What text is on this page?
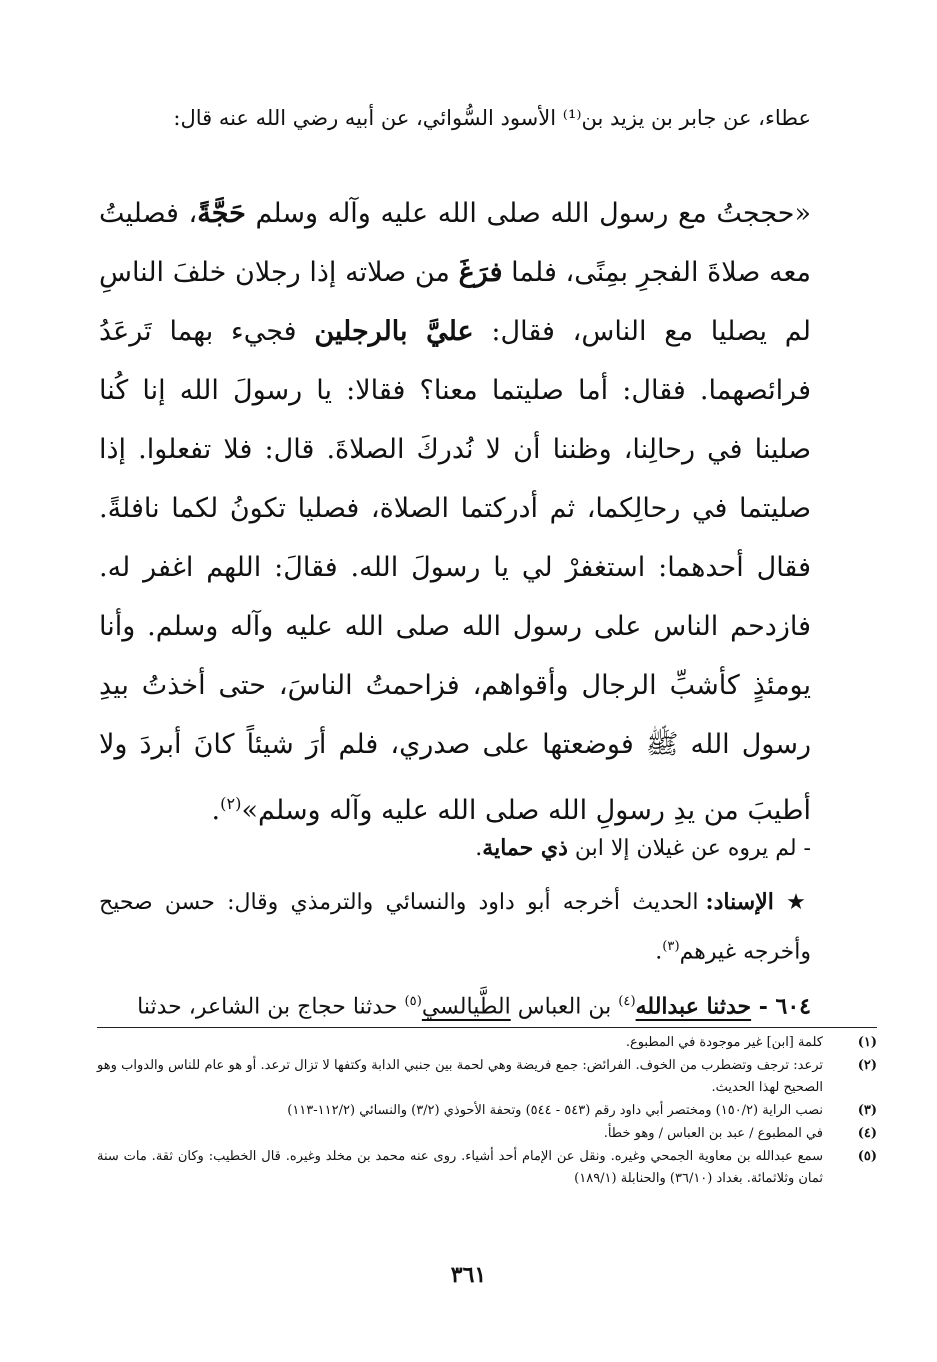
عطاء، عن جابر بن يزيد بن⁽¹⁾ الأسود السُّوائي، عن أبيه رضي الله عنه قال:

«حججتُ مع رسول الله صلى الله عليه وآله وسلم حَجَّةً، فصليتُ معه صلاةَ الفجرِ بمِنًى، فلما فرَغَ من صلاته إذا رجلان خلفَ الناسِ لم يصليا مع الناس، فقال: عليَّ بالرجلين فجيء بهما تَرعَدُ فرائصهما. فقال: أما صليتما معنا؟ فقالا: يا رسولَ الله إنا كُنا صلينا في رحالِنا، وظننا أن لا نُدركَ الصلاةَ. قال: فلا تفعلوا. إذا صليتما في رحالِكما، ثم أدركتما الصلاة، فصليا تكونُ لكما نافلةً. فقال أحدهما: استغفرْ لي يا رسولَ الله. فقالَ: اللهم اغفر له. فازدحم الناس على رسول الله صلى الله عليه وآله وسلم. وأنا يومئذٍ كأشبِّ الرجال وأقواهم، فزاحمتُ الناسَ، حتى أخذتُ بيدِ رسول الله ﷺ فوضعتها على صدري، فلم أرَ شيئاً كانَ أبردَ ولا أطيبَ من يدِ رسولِ الله صلى الله عليه وآله وسلم»$^{(٢)}$.

- لم يروه عن غيلان إلا ابن ذي حماية.

★ الإسناد: الحديث أخرجه أبو داود والنسائي والترمذي وقال: حسن صحيح وأخرجه غيرهم$^{(٣)}$.

٦٠٤ - حدثنا عبدالله$^{(٤)}$ بن العباس الطَّيالسي$^{(٥)}$ حدثنا حجاج بن الشاعر، حدثنا

(١)
كلمة [ابن] غير موجودة في المطبوع.
(٢)
ترعد: ترجف وتضطرب من الخوف. الفرائض: جمع فريضة وهي لحمة بين جنبي الدابة وكتفها لا تزال ترعد. أو هو عام للناس والدواب وهو الصحيح لهذا الحديث.
(٣)
نصب الراية (١٥٠/٢) ومختصر أبي داود رقم (٥٤٣ - ٥٤٤) وتحفة الأحوذي (٣/٢) والنسائي (١١٢/٢-١١٣)
(٤)
في المطبوع / عبد بن العباس / وهو خطأ.
(٥)
سمع عبدالله بن معاوية الجمحي وغيره. ونقل عن الإمام أحد أشياء. روى عنه محمد بن مخلد وغيره. قال الخطيب: وكان ثقة. مات سنة ثمان وثلاثمائة. بغداد (٣٦/١٠) والحنابلة (١٨٩/١)
٣٦١
